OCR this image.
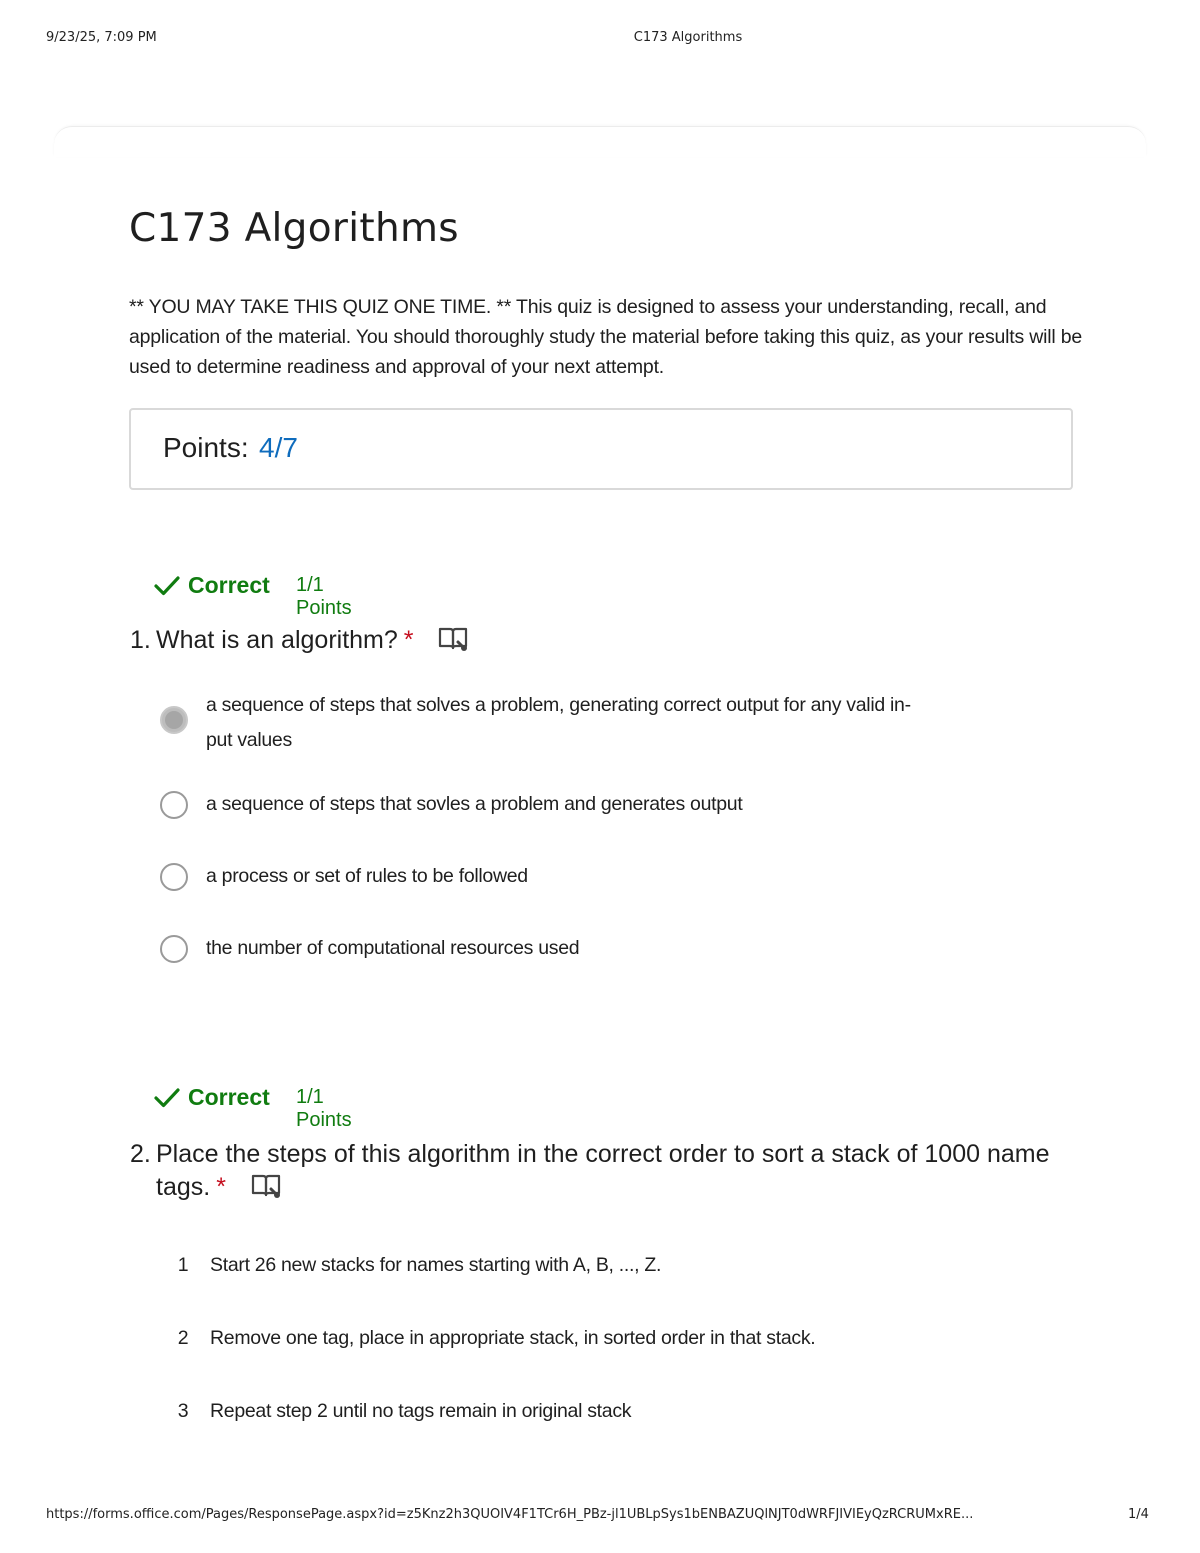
9/23/25, 7:09 PM	C173 Algorithms
C173 Algorithms
** YOU MAY TAKE THIS QUIZ ONE TIME. ** This quiz is designed to assess your understanding, recall, and application of the material. You should thoroughly study the material before taking this quiz, as your results will be used to determine readiness and approval of your next attempt.
Points: 4/7
Correct 1/1 Points
1. What is an algorithm? *
a sequence of steps that solves a problem, generating correct output for any valid in-
put values
a sequence of steps that sovles a problem and generates output
a process or set of rules to be followed
the number of computational resources used
Correct 1/1 Points
2. Place the steps of this algorithm in the correct order to sort a stack of 1000 name
tags. *
1 Start 26 new stacks for names starting with A, B, ..., Z.
2 Remove one tag, place in appropriate stack, in sorted order in that stack.
3 Repeat step 2 until no tags remain in original stack
https://forms.office.com/Pages/ResponsePage.aspx?id=z5Knz2h3QUOIV4F1TCr6H_PBz-jl1UBLpSys1bENBAZUQlNJT0dWRFJIVIEyQzRCRUMxRE...	1/4
